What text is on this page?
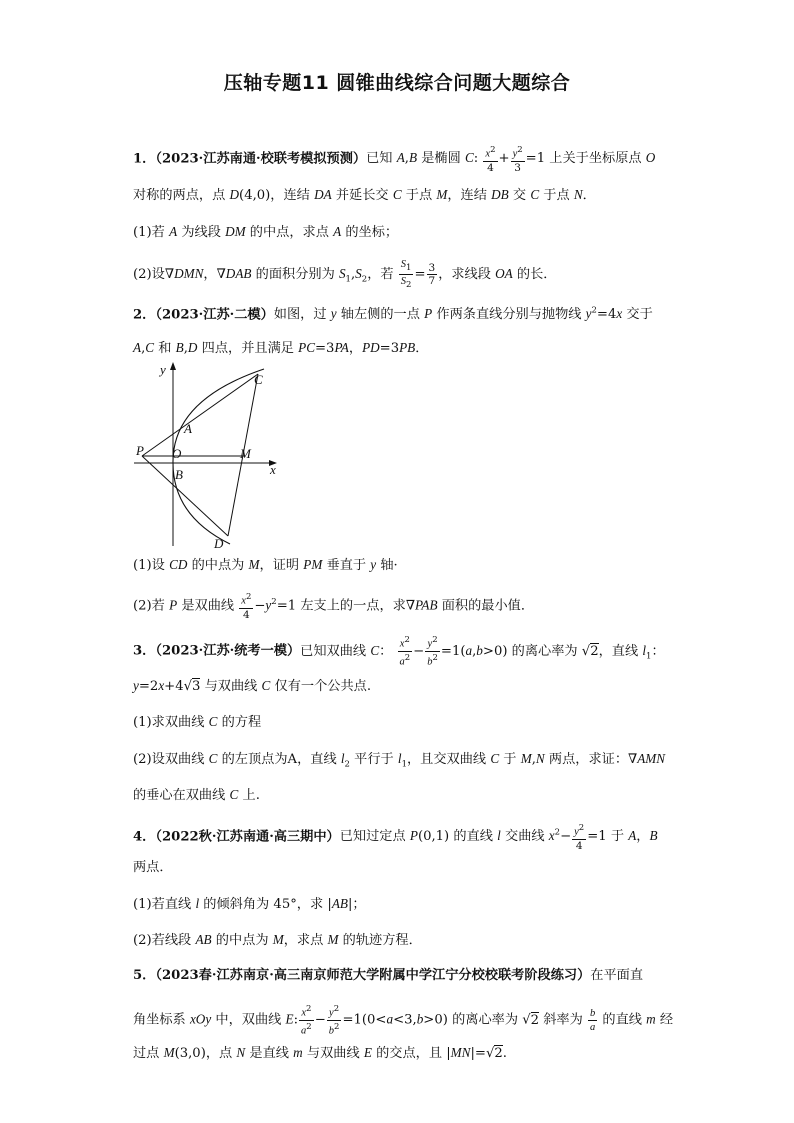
压轴专题11 圆锥曲线综合问题大题综合
1．（2023·江苏南通·校联考模拟预测）已知 A,B 是椭圆 C: $\frac{x^2}{4} + \frac{y^2}{3} =1$ 上关于坐标原点 O
对称的两点，点 D(4,0)，连结 DA 并延长交 C 于点 M，连结 DB 交 C 于点 N．
(1)若 A 为线段 DM 的中点，求点 A 的坐标；
(2)设∇DMN，∇DAB 的面积分别为 $S_1,S_2$，若 $\frac{S_1}{S_2} = \frac{3}{7}$ ，求线段 OA 的长．
2．（2023·江苏·二模）如图，过 y 轴左侧的一点 P 作两条直线分别与抛物线 $y^2=4x$ 交于
A,C 和 B,D 四点，并且满足 PC=3PA，PD=3PB．
y
C
A
P O	M
x
B
D
(1)设 CD 的中点为 M，证明 PM 垂直于 y 轴·
(2)若 P 是双曲线 $\frac{x^2}{4} -y^2=1$ 左支上的一点，求∇PAB 面积的最小值．
3．（2023·江苏·统考一模）已知双曲线 C： $\frac{x^2}{a^2} - \frac{y^2}{b^2} =1(a,b>0)$ 的离心率为 √2，直线 $l_1$：
y=2x+4√3 与双曲线 C 仅有一个公共点.
(1)求双曲线 C 的方程
(2)设双曲线 C 的左顶点为A，直线 $l_2$ 平行于 $l_1$，且交双曲线 C 于 M,N 两点，求证：∇AMN
的垂心在双曲线 C 上.
4．（2022秋·江苏南通·高三期中）已知过定点 P(0,1) 的直线 l 交曲线 $x^2- \frac{y^2}{4} =1$ 于 A，B
两点．
(1)若直线 l 的倾斜角为 45°，求 |AB|；
(2)若线段 AB 的中点为 M，求点 M 的轨迹方程．
5．（2023春·江苏南京·高三南京师范大学附属中学江宁分校校联考阶段练习）在平面直
角坐标系 xOy 中，双曲线 E: $\frac{x^2}{a^2} - \frac{y^2}{b^2} =1(0<a<3,b>0)$ 的离心率为 √2 斜率为 $\frac{b}{a}$ 的直线 m 经
过点 M(3,0)，点 N 是直线 m 与双曲线 E 的交点，且 |MN|=√2.
